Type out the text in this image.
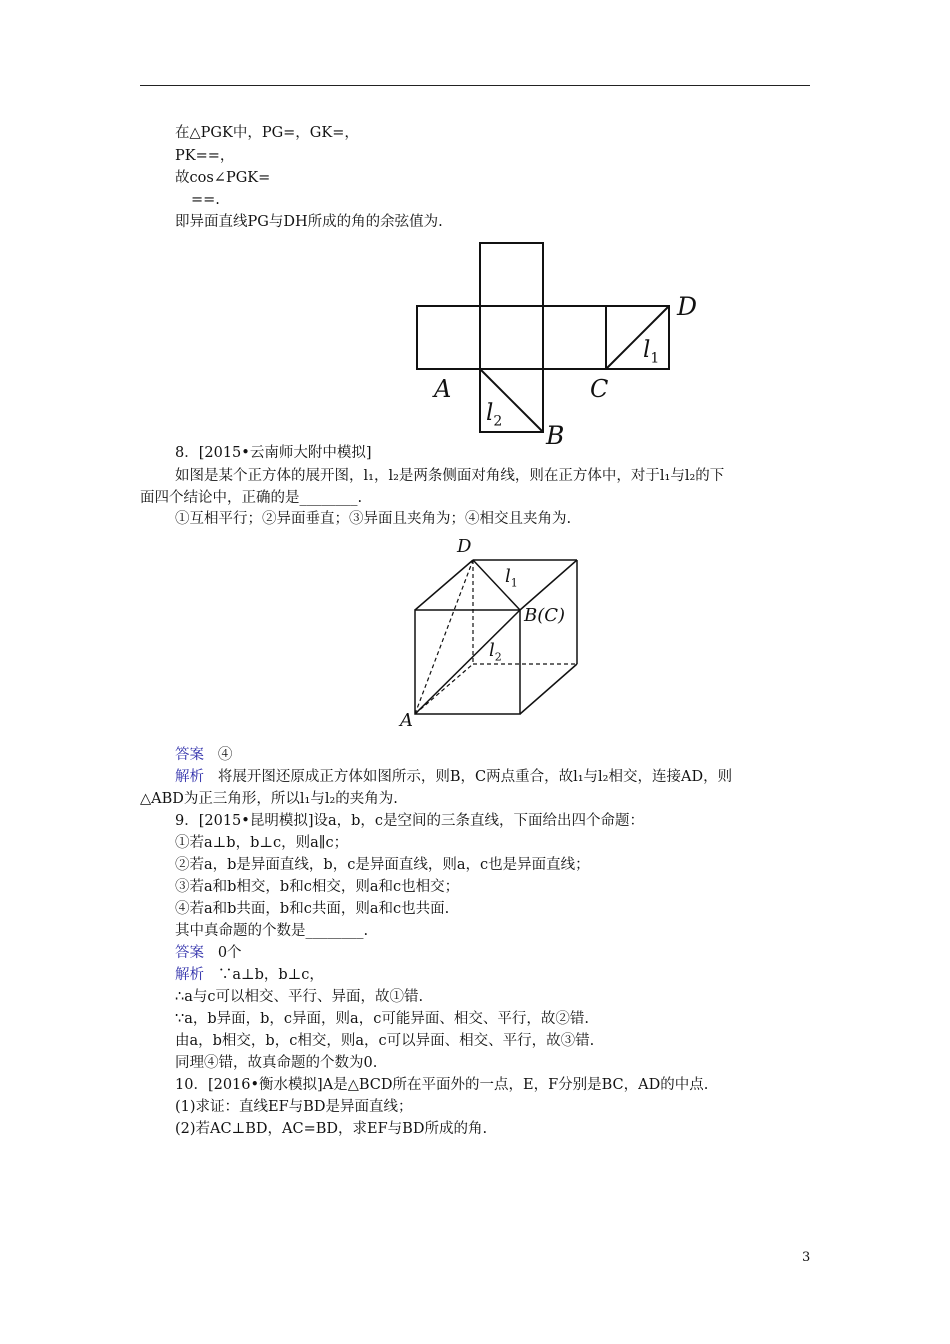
在△PGK中，PG=，GK=，
PK==，
故cos∠PGK=
==.
即异面直线PG与DH所成的角的余弦值为.
A
B
C
D
$l_1$
$l_2$
8．[2015•云南师大附中模拟]
如图是某个正方体的展开图，l₁，l₂是两条侧面对角线，则在正方体中，对于l₁与l₂的下
面四个结论中，正确的是________.
①互相平行；②异面垂直；③异面且夹角为；④相交且夹角为.
D
$l_1$
B(C)
$l_2$
A
答案 ④
解析 将展开图还原成正方体如图所示，则B，C两点重合，故l₁与l₂相交，连接AD，则
△ABD为正三角形，所以l₁与l₂的夹角为.
9．[2015•昆明模拟]设a，b，c是空间的三条直线，下面给出四个命题：
①若a⊥b，b⊥c，则a∥c；
②若a，b是异面直线，b，c是异面直线，则a，c也是异面直线；
③若a和b相交，b和c相交，则a和c也相交；
④若a和b共面，b和c共面，则a和c也共面.
其中真命题的个数是________.
答案 0个
解析 ∵a⊥b，b⊥c，
∴a与c可以相交、平行、异面，故①错.
∵a，b异面，b，c异面，则a，c可能异面、相交、平行，故②错.
由a，b相交，b，c相交，则a，c可以异面、相交、平行，故③错.
同理④错，故真命题的个数为0.
10．[2016•衡水模拟]A是△BCD所在平面外的一点，E，F分别是BC，AD的中点.
(1)求证：直线EF与BD是异面直线；
(2)若AC⊥BD，AC=BD，求EF与BD所成的角.
3
